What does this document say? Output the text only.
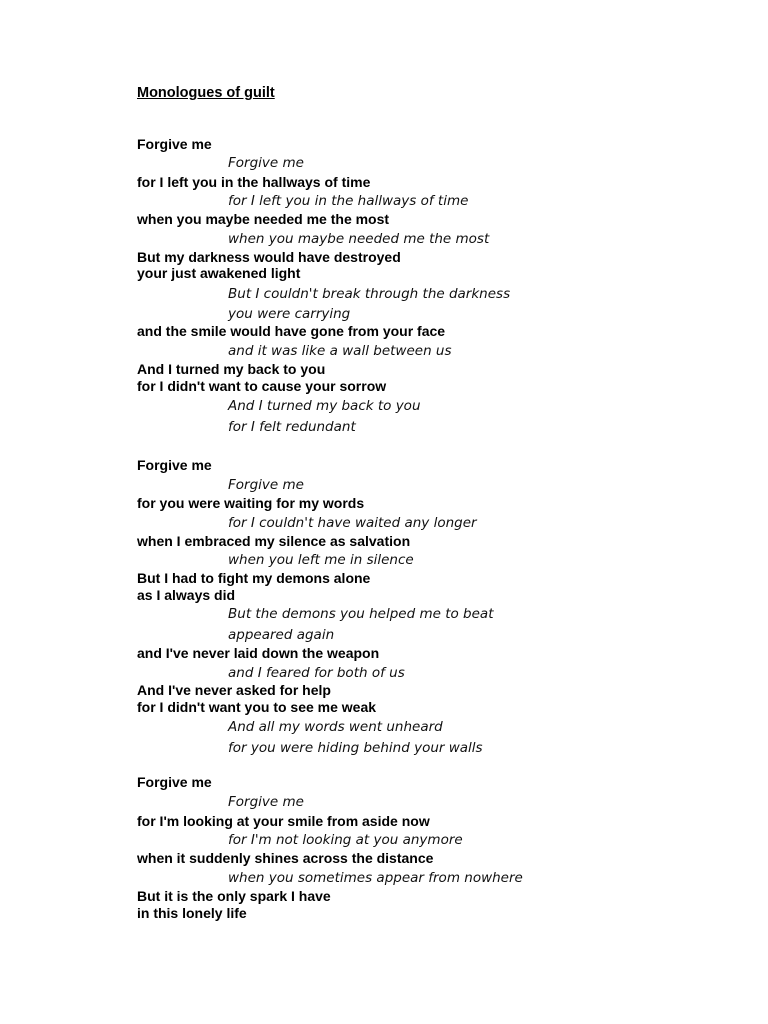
Monologues of guilt
Forgive me
Forgive me
for I left you in the hallways of time
for I left you in the hallways of time
when you maybe needed me the most
when you maybe needed me the most
But my darkness would have destroyed
your just awakened light
But I couldn't break through the darkness
you were carrying
and the smile would have gone from your face
and it was like a wall between us
And I turned my back to you
for I didn't want to cause your sorrow
And I turned my back to you
for I felt redundant
Forgive me
Forgive me
for you were waiting for my words
for I couldn't have waited any longer
when I embraced my silence as salvation
when you left me in silence
But I had to fight my demons alone
as I always did
But the demons you helped me to beat
appeared again
and I've never laid down the weapon
and I feared for both of us
And I've never asked for help
for I didn't want you to see me weak
And all my words went unheard
for you were hiding behind your walls
Forgive me
Forgive me
for I'm looking at your smile from aside now
for I'm not looking at you anymore
when it suddenly shines across the distance
when you sometimes appear from nowhere
But it is the only spark I have
in this lonely life
